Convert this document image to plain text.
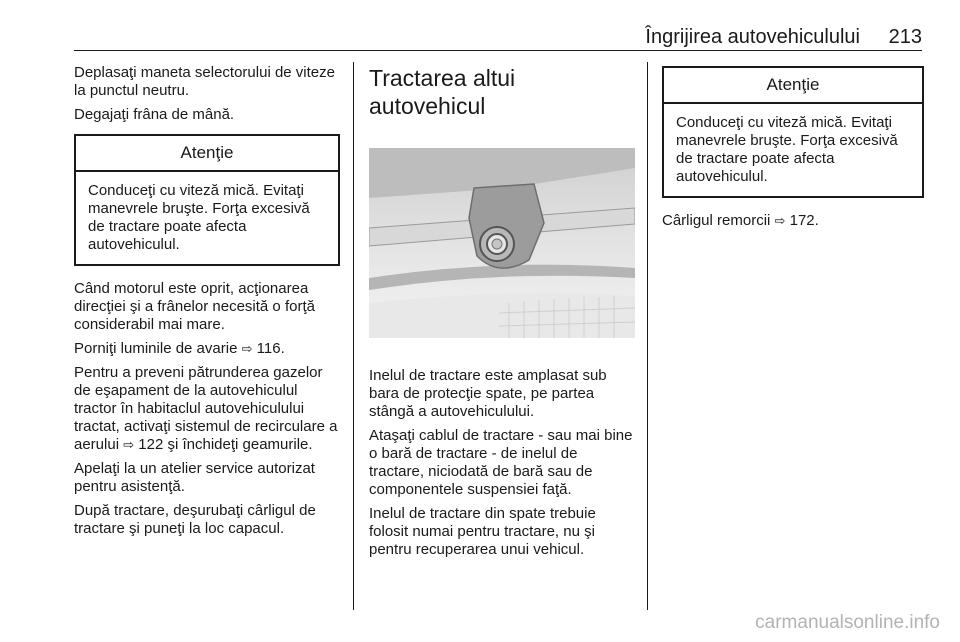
Îngrijirea autovehiculului 213

Deplasaţi maneta selectorului de viteze la punctul neutru.

Degajaţi frâna de mână.

Atenţie
Conduceţi cu viteză mică. Evitaţi manevrele bruşte. Forţa excesivă de tractare poate afecta autovehiculul.

Când motorul este oprit, acţionarea direcţiei şi a frânelor necesită o forţă considerabil mai mare.

Porniţi luminile de avarie ⇨ 116.

Pentru a preveni pătrunderea gazelor de eşapament de la autovehiculul tractor în habitaclul autovehiculului tractat, activaţi sistemul de recirculare a aerului ⇨ 122 şi închideţi geamurile.

Apelaţi la un atelier service autorizat pentru asistenţă.

După tractare, deşurubaţi cârligul de tractare şi puneţi la loc capacul.

Tractarea altui autovehicul

Inelul de tractare este amplasat sub bara de protecţie spate, pe partea stângă a autovehiculului.

Ataşaţi cablul de tractare - sau mai bine o bară de tractare - de inelul de tractare, niciodată de bară sau de componentele suspensiei faţă.

Inelul de tractare din spate trebuie folosit numai pentru tractare, nu şi pentru recuperarea unui vehicul.

Atenţie
Conduceţi cu viteză mică. Evitaţi manevrele bruşte. Forţa excesivă de tractare poate afecta autovehiculul.

Cârligul remorcii ⇨ 172.

carmanualsonline.info
